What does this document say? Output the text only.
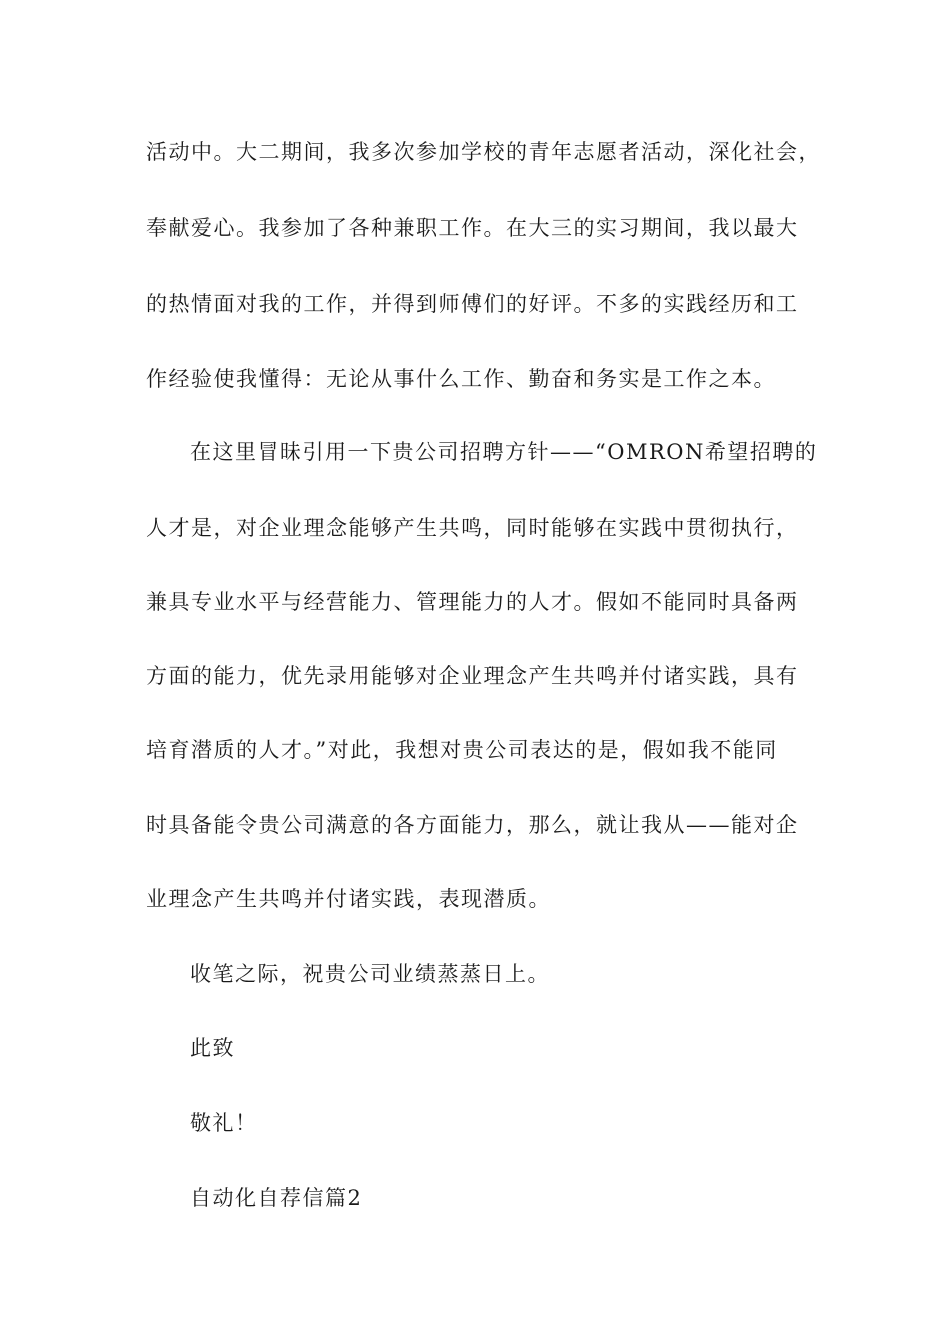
活动中。大二期间，我多次参加学校的青年志愿者活动，深化社会，
奉献爱心。我参加了各种兼职工作。在大三的实习期间，我以最大
的热情面对我的工作，并得到师傅们的好评。不多的实践经历和工
作经验使我懂得：无论从事什么工作、勤奋和务实是工作之本。
在这里冒昧引用一下贵公司招聘方针——“OMRON希望招聘的
人才是，对企业理念能够产生共鸣，同时能够在实践中贯彻执行，
兼具专业水平与经营能力、管理能力的人才。假如不能同时具备两
方面的能力，优先录用能够对企业理念产生共鸣并付诸实践，具有
培育潜质的人才。”对此，我想对贵公司表达的是，假如我不能同
时具备能令贵公司满意的各方面能力，那么，就让我从——能对企
业理念产生共鸣并付诸实践，表现潜质。
收笔之际，祝贵公司业绩蒸蒸日上。
此致
敬礼！
自动化自荐信篇2
